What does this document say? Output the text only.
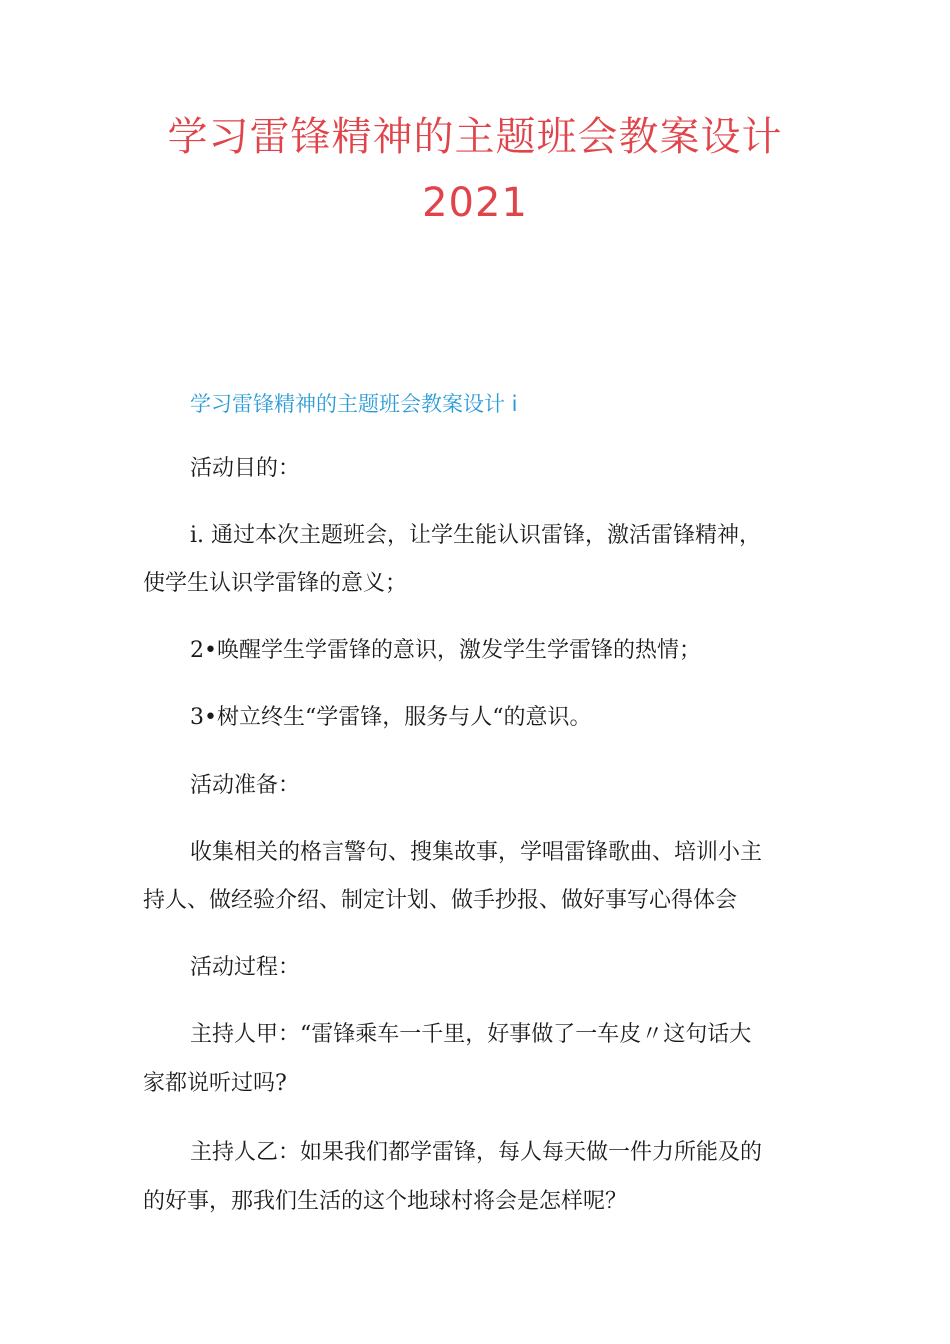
学习雷锋精神的主题班会教案设计
2021
学习雷锋精神的主题班会教案设计 i
活动目的：
i. 通过本次主题班会，让学生能认识雷锋，激活雷锋精神，
使学生认识学雷锋的意义；
2•唤醒学生学雷锋的意识，激发学生学雷锋的热情；
3•树立终生“学雷锋，服务与人“的意识。
活动准备：
收集相关的格言警句、搜集故事，学唱雷锋歌曲、培训小主
持人、做经验介绍、制定计划、做手抄报、做好事写心得体会
活动过程：
主持人甲：“雷锋乘车一千里，好事做了一车皮〃这句话大
家都说听过吗?
主持人乙：如果我们都学雷锋，每人每天做一件力所能及的
的好事，那我们生活的这个地球村将会是怎样呢？
